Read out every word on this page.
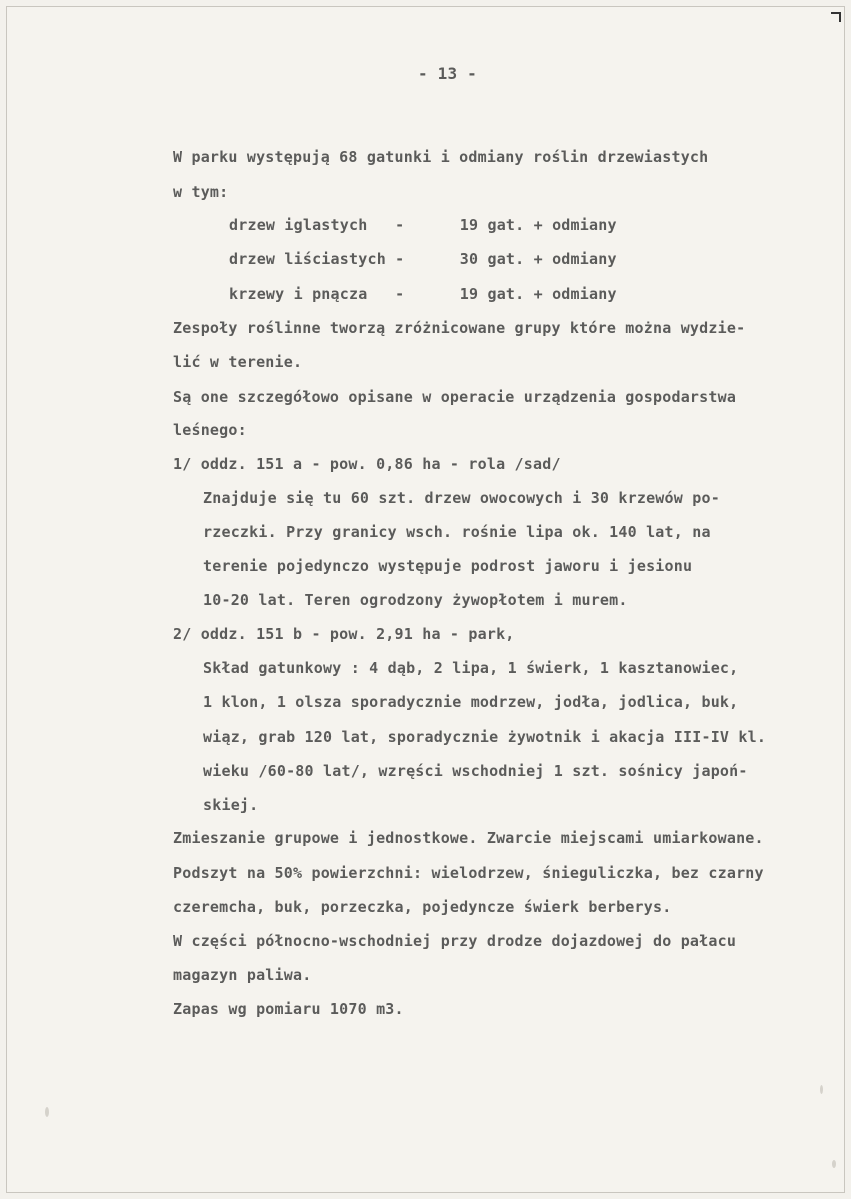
- 13 -
W parku występują 68 gatunki i odmiany roślin drzewiastych
w tym:
drzew iglastych   -      19 gat. + odmiany
drzew liściastych -      30 gat. + odmiany
krzewy i pnącza   -      19 gat. + odmiany
Zespoły roślinne tworzą zróżnicowane grupy które można wydzie-
lić w terenie.
Są one szczegółowo opisane w operacie urządzenia gospodarstwa
leśnego:
1/ oddz. 151 a - pow. 0,86 ha - rola /sad/
Znajduje się tu 60 szt. drzew owocowych i 30 krzewów po-
rzeczki. Przy granicy wsch. rośnie lipa ok. 140 lat, na
terenie pojedynczo występuje podrost jaworu i jesionu
10-20 lat. Teren ogrodzony żywopłotem i murem.
2/ oddz. 151 b - pow. 2,91 ha - park,
Skład gatunkowy : 4 dąb, 2 lipa, 1 świerk, 1 kasztanowiec,
1 klon, 1 olsza sporadycznie modrzew, jodła, jodlica, buk,
wiąz, grab 120 lat, sporadycznie żywotnik i akacja III-IV kl.
wieku /60-80 lat/, wzręści wschodniej 1 szt. sośnicy japoń-
skiej.
Zmieszanie grupowe i jednostkowe. Zwarcie miejscami umiarkowane.
Podszyt na 50% powierzchni: wielodrzew, śnieguliczka, bez czarny
czeremcha, buk, porzeczka, pojedyncze świerk berberys.
W części północno-wschodniej przy drodze dojazdowej do pałacu
magazyn paliwa.
Zapas wg pomiaru 1070 m3.
